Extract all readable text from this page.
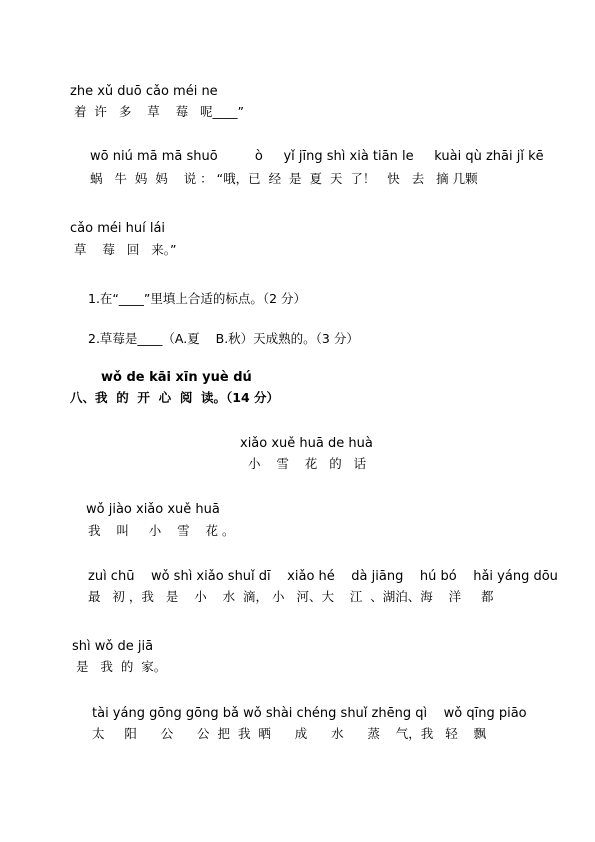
zhe xǔ duō cǎo méi ne
着  许   多    草    莓   呢____”
wō niú mā mā shuō         ò     yǐ jīng shì xià tiān le     kuài qù zhāi jǐ kē
蜗   牛  妈  妈    说 ： “哦，已  经  是  夏  天  了！   快   去   摘 几颗
cǎo méi huí lái
草    莓   回   来。”
1.在“____”里填上合适的标点。（2 分）
2.草莓是____（A.夏    B.秋）天成熟的。（3 分）
wǒ de kāi xīn yuè dú
八、我  的  开  心  阅  读。（14 分）
xiǎo xuě huā de huà
小    雪    花   的   话
wǒ jiào xiǎo xuě huā
我    叫     小    雪    花 。
zuì chū    wǒ shì xiǎo shuǐ dī    xiǎo hé    dà jiāng    hú bó    hǎi yáng dōu
最   初 ，我   是    小    水  滴， 小   河、大    江  、湖泊、海    洋     都
shì wǒ de jiā
是   我  的  家。
tài yáng gōng gōng bǎ wǒ shài chéng shuǐ zhēng qì    wǒ qīng piāo
太     阳      公      公  把  我  晒      成      水      蒸    气，我   轻    飘
